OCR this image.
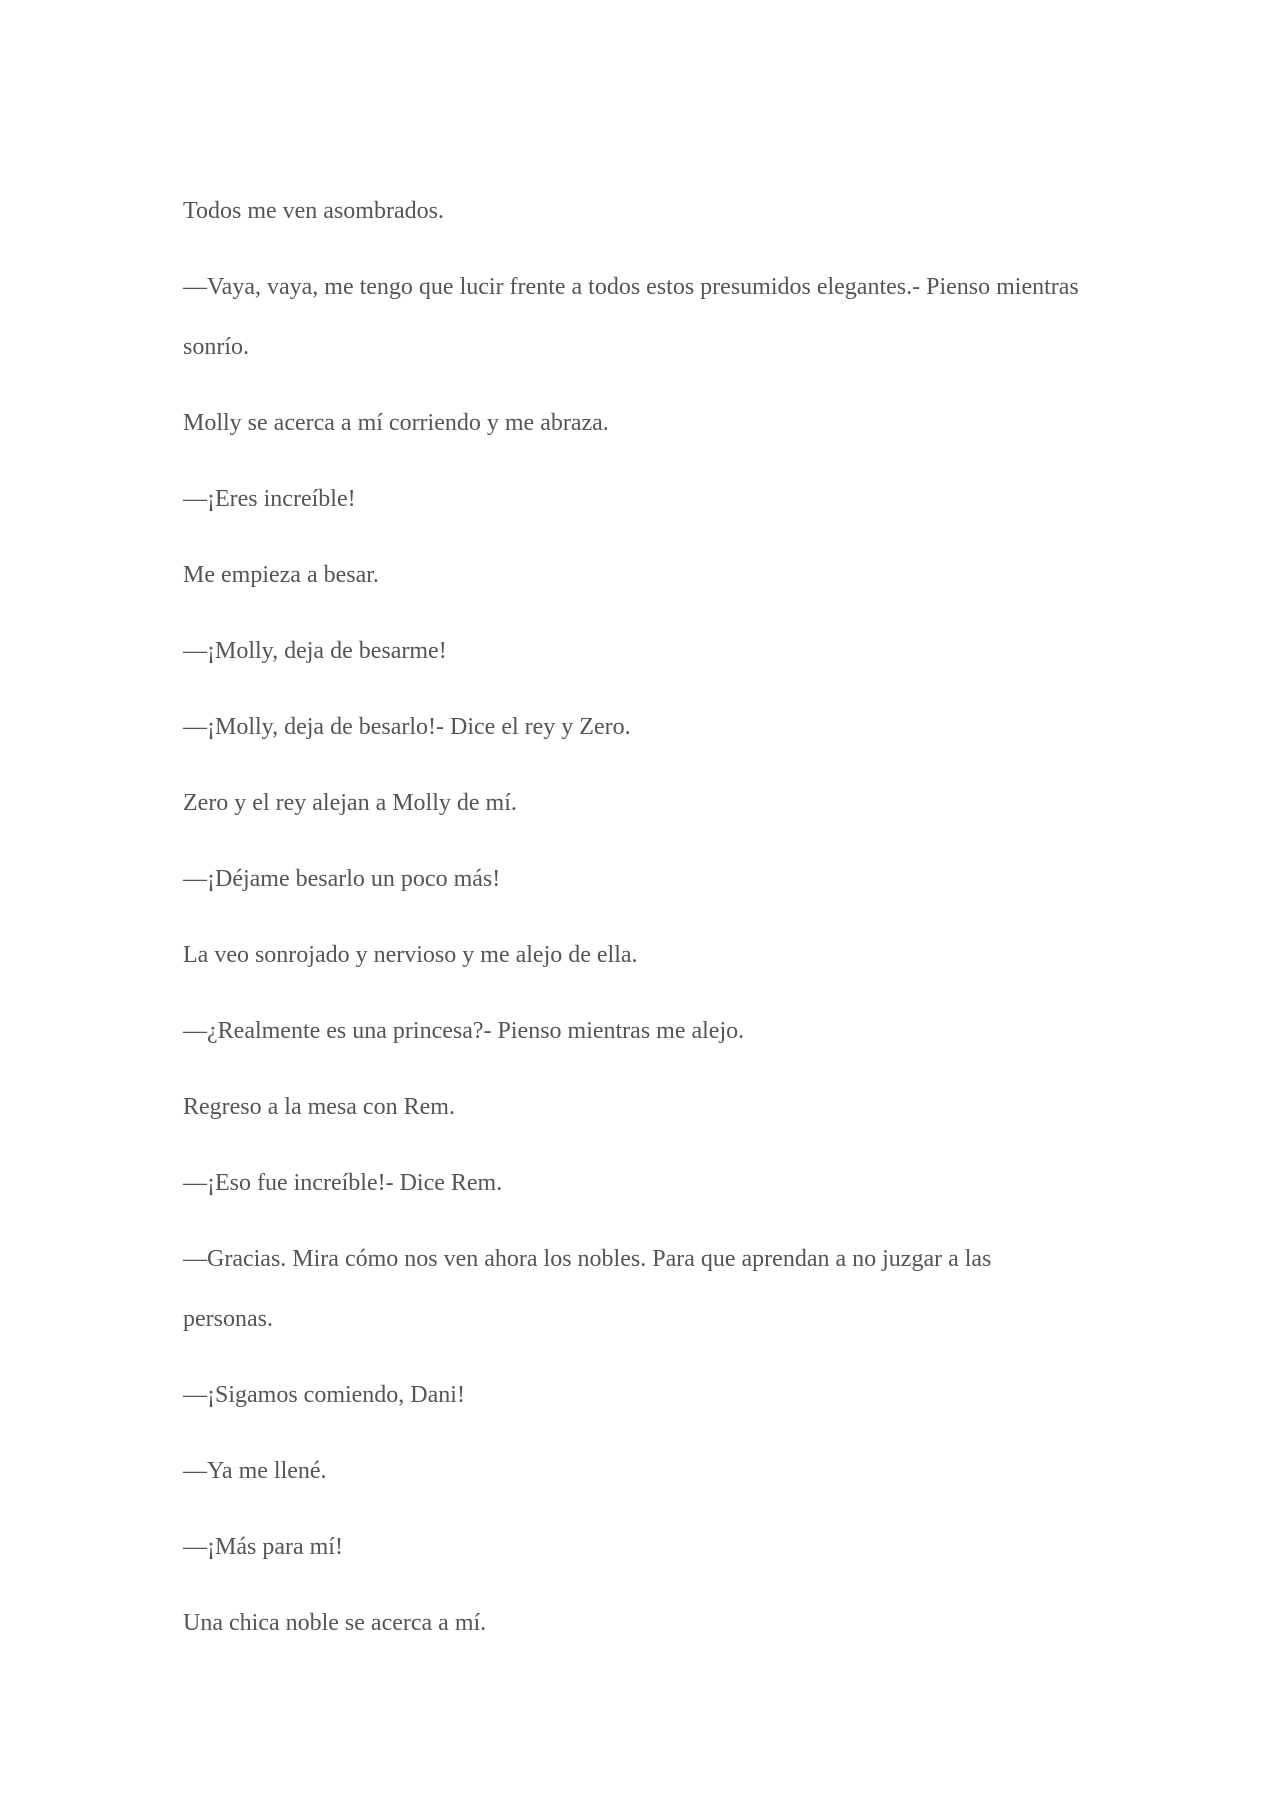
Todos me ven asombrados.

—Vaya, vaya, me tengo que lucir frente a todos estos presumidos elegantes.- Pienso mientras sonrío.

Molly se acerca a mí corriendo y me abraza.

—¡Eres increíble!

Me empieza a besar.

—¡Molly, deja de besarme!

—¡Molly, deja de besarlo!- Dice el rey y Zero.

Zero y el rey alejan a Molly de mí.

—¡Déjame besarlo un poco más!

La veo sonrojado y nervioso y me alejo de ella.

—¿Realmente es una princesa?- Pienso mientras me alejo.

Regreso a la mesa con Rem.

—¡Eso fue increíble!- Dice Rem.

—Gracias. Mira cómo nos ven ahora los nobles. Para que aprendan a no juzgar a las personas.

—¡Sigamos comiendo, Dani!

—Ya me llené.

—¡Más para mí!

Una chica noble se acerca a mí.
